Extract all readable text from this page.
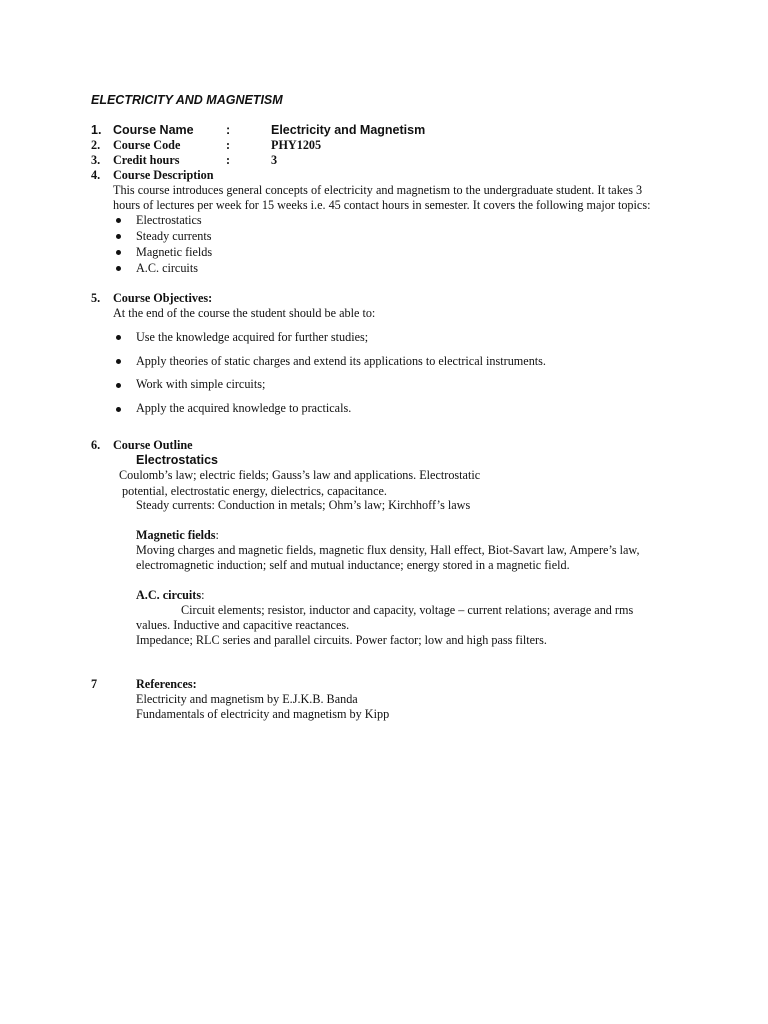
ELECTRICITY AND MAGNETISM
1. Course Name	:	Electricity and Magnetism
2. Course Code	:	PHY1205
3. Credit hours	:	3
4. Course Description
This course introduces general concepts of electricity and magnetism to the undergraduate student. It takes 3
hours of lectures per week for 15 weeks i.e. 45 contact hours in semester. It covers the following major topics:
Electrostatics
Steady currents
Magnetic fields
A.C. circuits
5. Course Objectives:
At the end of the course the student should be able to:
Use the knowledge acquired for further studies;
Apply theories of static charges and extend its applications to electrical instruments.
Work with simple circuits;
Apply the acquired knowledge to practicals.
6. Course Outline
Electrostatics
Coulomb’s law; electric fields; Gauss’s law and applications. Electrostatic
potential, electrostatic energy, dielectrics, capacitance.
Steady currents: Conduction in metals; Ohm’s law; Kirchhoff’s laws
Magnetic fields:
Moving charges and magnetic fields, magnetic flux density, Hall effect, Biot-Savart law, Ampere’s law,
electromagnetic induction; self and mutual inductance; energy stored in a magnetic field.
A.C. circuits:
Circuit elements; resistor, inductor and capacity, voltage – current relations; average and rms
values. Inductive and capacitive reactances.
Impedance; RLC series and parallel circuits. Power factor; low and high pass filters.
7	References:
Electricity and magnetism by E.J.K.B. Banda
Fundamentals of electricity and magnetism by Kipp
